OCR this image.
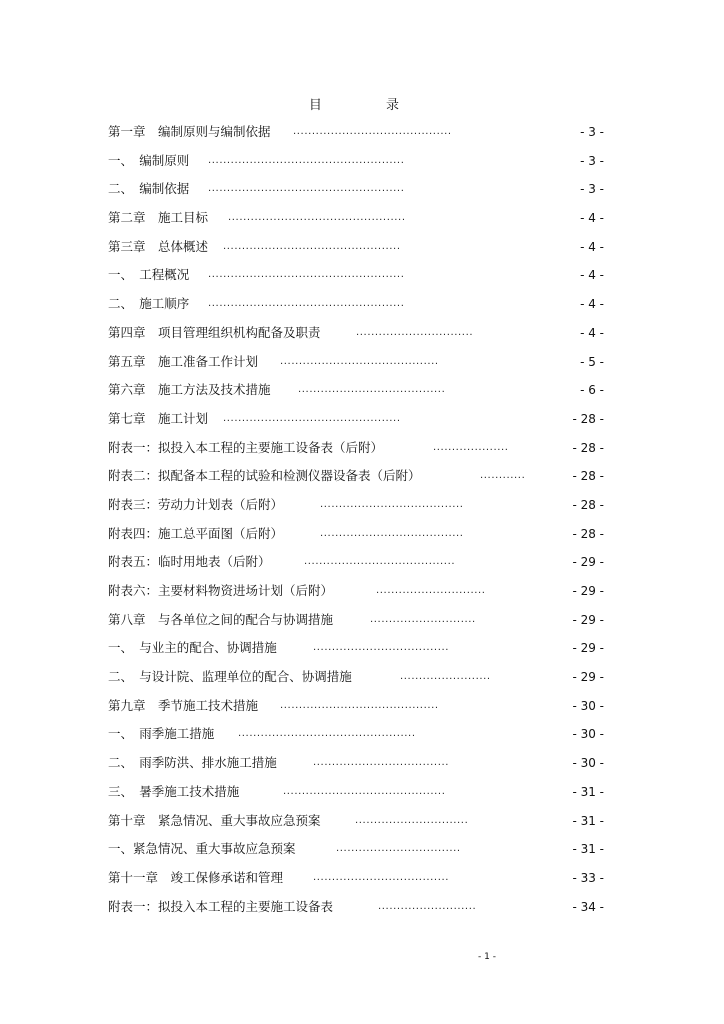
目 录
第一章　编制原则与编制依据 ..........................................	- 3 -
一、　编制原则 ....................................................	- 3 -
二、　编制依据 ....................................................	- 3 -
第二章　施工目标 ...............................................	- 4 -
第三章　总体概述 ...............................................	- 4 -
一、　工程概况 ....................................................	- 4 -
二、　施工顺序 ....................................................	- 4 -
第四章　项目管理组织机构配备及职责	...............................	- 4 -
第五章　施工准备工作计划 ..........................................	- 5 -
第六章　施工方法及技术措施	.......................................	- 6 -
第七章　施工计划 ...............................................	- 28 -
附表一：拟投入本工程的主要施工设备表（后附）	....................	- 28 -
附表二：拟配备本工程的试验和检测仪器设备表（后附）	............	- 28 -
附表三：劳动力计划表（后附）	......................................	- 28 -
附表四：施工总平面图（后附）	......................................	- 28 -
附表五：临时用地表（后附）	........................................	- 29 -
附表六：主要材料物资进场计划（后附）	.............................	- 29 -
第八章　与各单位之间的配合与协调措施	............................	- 29 -
一、　与业主的配合、协调措施	....................................	- 29 -
二、　与设计院、监理单位的配合、协调措施	........................	- 29 -
第九章　季节施工技术措施 ..........................................	- 30 -
一、　雨季施工措施 ...............................................	- 30 -
二、　雨季防洪、排水施工措施	....................................	- 30 -
三、　暑季施工技术措施	...........................................	- 31 -
第十章　紧急情况、重大事故应急预案	..............................	- 31 -
一、紧急情况、重大事故应急预案	.................................	- 31 -
第十一章　竣工保修承诺和管理	....................................	- 33 -
附表一：拟投入本工程的主要施工设备表	..........................	- 34 -
- 1 -
